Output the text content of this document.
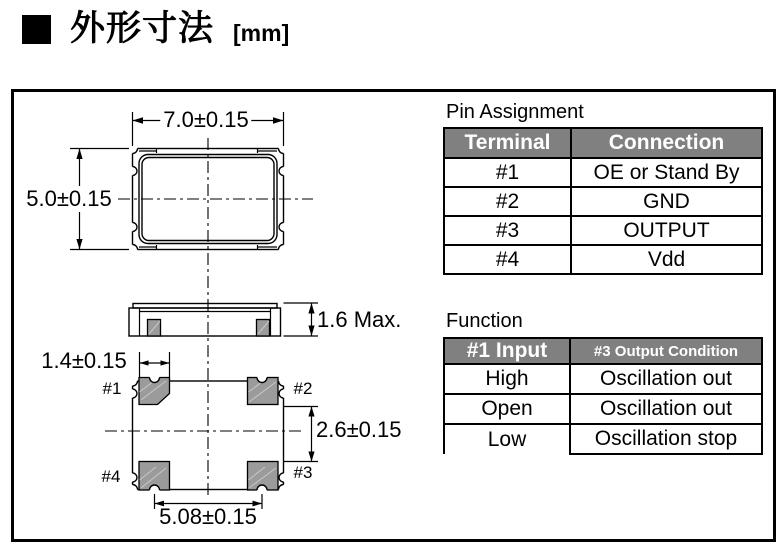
外形寸法 [mm]
7.0±0.15
5.0±0.15
1.6 Max.
1.4±0.15
2.6±0.15
5.08±0.15
#1	#2
#3
#4
Pin Assignment
Terminal	Connection
#1	OE or Stand By
#2	GND
#3	OUTPUT
#4	Vdd
Function
#1 Input	#3 Output Condition
High	Oscillation out
Open	Oscillation out
Low	Oscillation stop
